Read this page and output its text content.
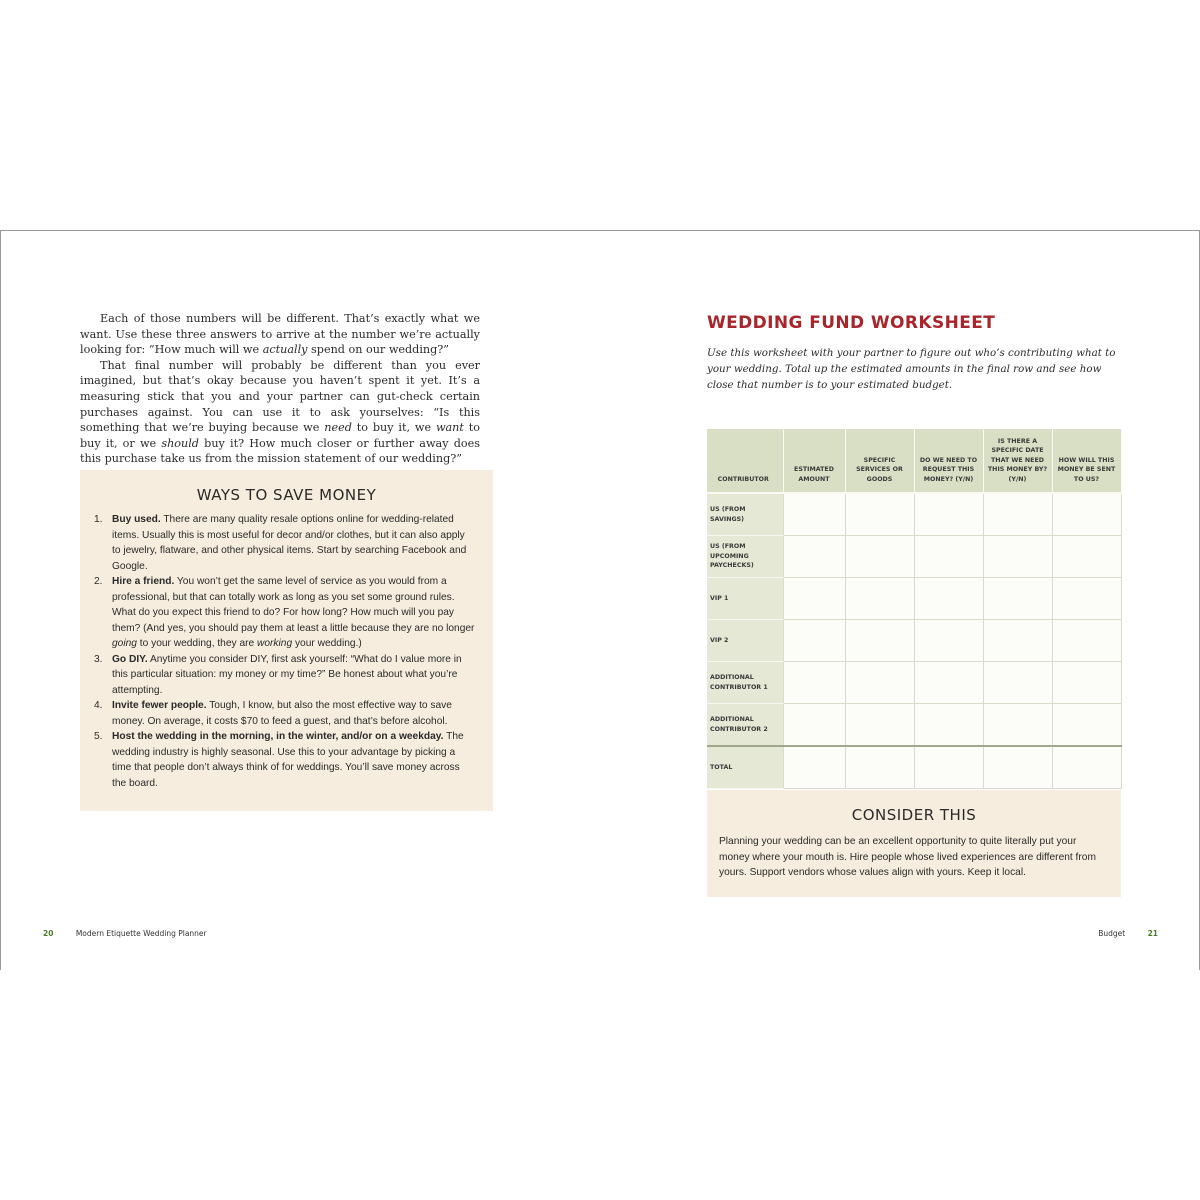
Each of those numbers will be different. That’s exactly what we want. Use these three answers to arrive at the number we’re actually looking for: “How much will we actually spend on our wedding?”

That final number will probably be different than you ever imagined, but that’s okay because you haven’t spent it yet. It’s a measuring stick that you and your partner can gut-check certain purchases against. You can use it to ask yourselves: “Is this something that we’re buying because we need to buy it, we want to buy it, or we should buy it? How much closer or further away does this purchase take us from the mission statement of our wedding?”

WAYS TO SAVE MONEY
1. Buy used. There are many quality resale options online for wedding-related items. Usually this is most useful for decor and/or clothes, but it can also apply to jewelry, flatware, and other physical items. Start by searching Facebook and Google.
2. Hire a friend. You won’t get the same level of service as you would from a professional, but that can totally work as long as you set some ground rules. What do you expect this friend to do? For how long? How much will you pay them? (And yes, you should pay them at least a little because they are no longer going to your wedding, they are working your wedding.)
3. Go DIY. Anytime you consider DIY, first ask yourself: “What do I value more in this particular situation: my money or my time?” Be honest about what you’re attempting.
4. Invite fewer people. Tough, I know, but also the most effective way to save money. On average, it costs $70 to feed a guest, and that’s before alcohol.
5. Host the wedding in the morning, in the winter, and/or on a weekday. The wedding industry is highly seasonal. Use this to your advantage by picking a time that people don’t always think of for weddings. You’ll save money across the board.
20	Modern Etiquette Wedding Planner
WEDDING FUND WORKSHEET

Use this worksheet with your partner to figure out who’s contributing what to your wedding. Total up the estimated amounts in the final row and see how close that number is to your estimated budget.

CONTRIBUTOR	ESTIMATED AMOUNT	SPECIFIC SERVICES OR GOODS	DO WE NEED TO REQUEST THIS MONEY? (Y/N)	IS THERE A SPECIFIC DATE THAT WE NEED THIS MONEY BY? (Y/N)	HOW WILL THIS MONEY BE SENT TO US?
US (FROM SAVINGS)					
US (FROM UPCOMING PAYCHECKS)					
VIP 1					
VIP 2					
ADDITIONAL CONTRIBUTOR 1					
ADDITIONAL CONTRIBUTOR 2					
TOTAL					
CONSIDER THIS

Planning your wedding can be an excellent opportunity to quite literally put your money where your mouth is. Hire people whose lived experiences are different from yours. Support vendors whose values align with yours. Keep it local.

Budget	21
